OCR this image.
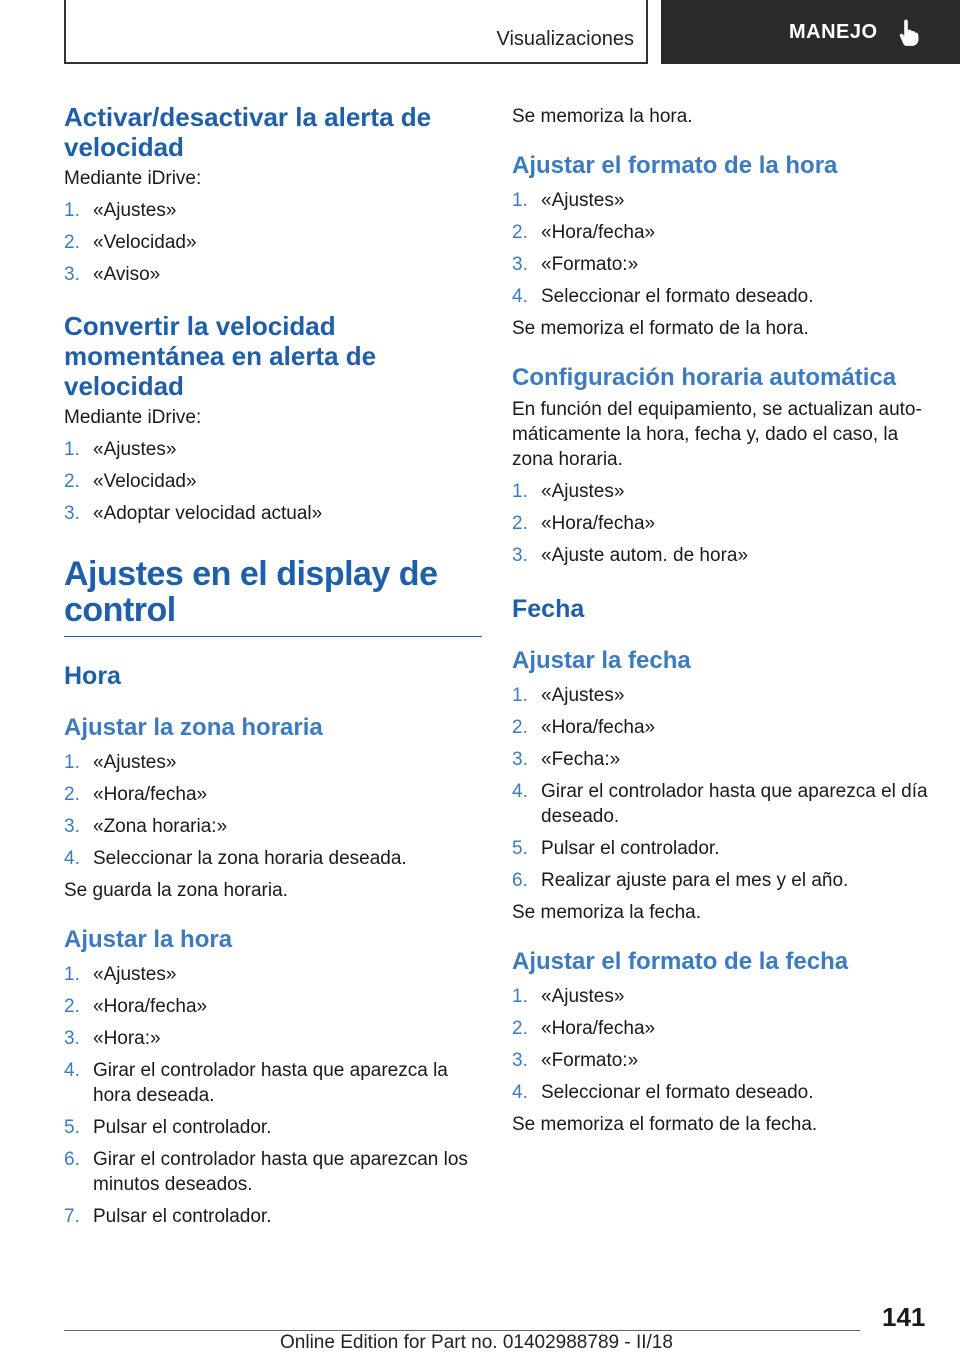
Visualizaciones	MANEJO
Activar/desactivar la alerta de velocidad

Mediante iDrive:

1. «Ajustes»
2. «Velocidad»
3. «Aviso»
Convertir la velocidad momentánea en alerta de velocidad

Mediante iDrive:

1. «Ajustes»
2. «Velocidad»
3. «Adoptar velocidad actual»
Ajustes en el display de control
Hora
Ajustar la zona horaria
1. «Ajustes»
2. «Hora/fecha»
3. «Zona horaria:»
4. Seleccionar la zona horaria deseada.

Se guarda la zona horaria.

Ajustar la hora
1. «Ajustes»
2. «Hora/fecha»
3. «Hora:»
4. Girar el controlador hasta que aparezca la hora deseada.
5. Pulsar el controlador.
6. Girar el controlador hasta que aparezcan los minutos deseados.
7. Pulsar el controlador.

Se memoriza la hora.

Ajustar el formato de la hora
1. «Ajustes»
2. «Hora/fecha»
3. «Formato:»
4. Seleccionar el formato deseado.

Se memoriza el formato de la hora.

Configuración horaria automática

En función del equipamiento, se actualizan automáticamente la hora, fecha y, dado el caso, la zona horaria.

1. «Ajustes»
2. «Hora/fecha»
3. «Ajuste autom. de hora»
Fecha
Ajustar la fecha
1. «Ajustes»
2. «Hora/fecha»
3. «Fecha:»
4. Girar el controlador hasta que aparezca el día deseado.
5. Pulsar el controlador.
6. Realizar ajuste para el mes y el año.

Se memoriza la fecha.

Ajustar el formato de la fecha
1. «Ajustes»
2. «Hora/fecha»
3. «Formato:»
4. Seleccionar el formato deseado.

Se memoriza el formato de la fecha.

141
Online Edition for Part no. 01402988789 - II/18
